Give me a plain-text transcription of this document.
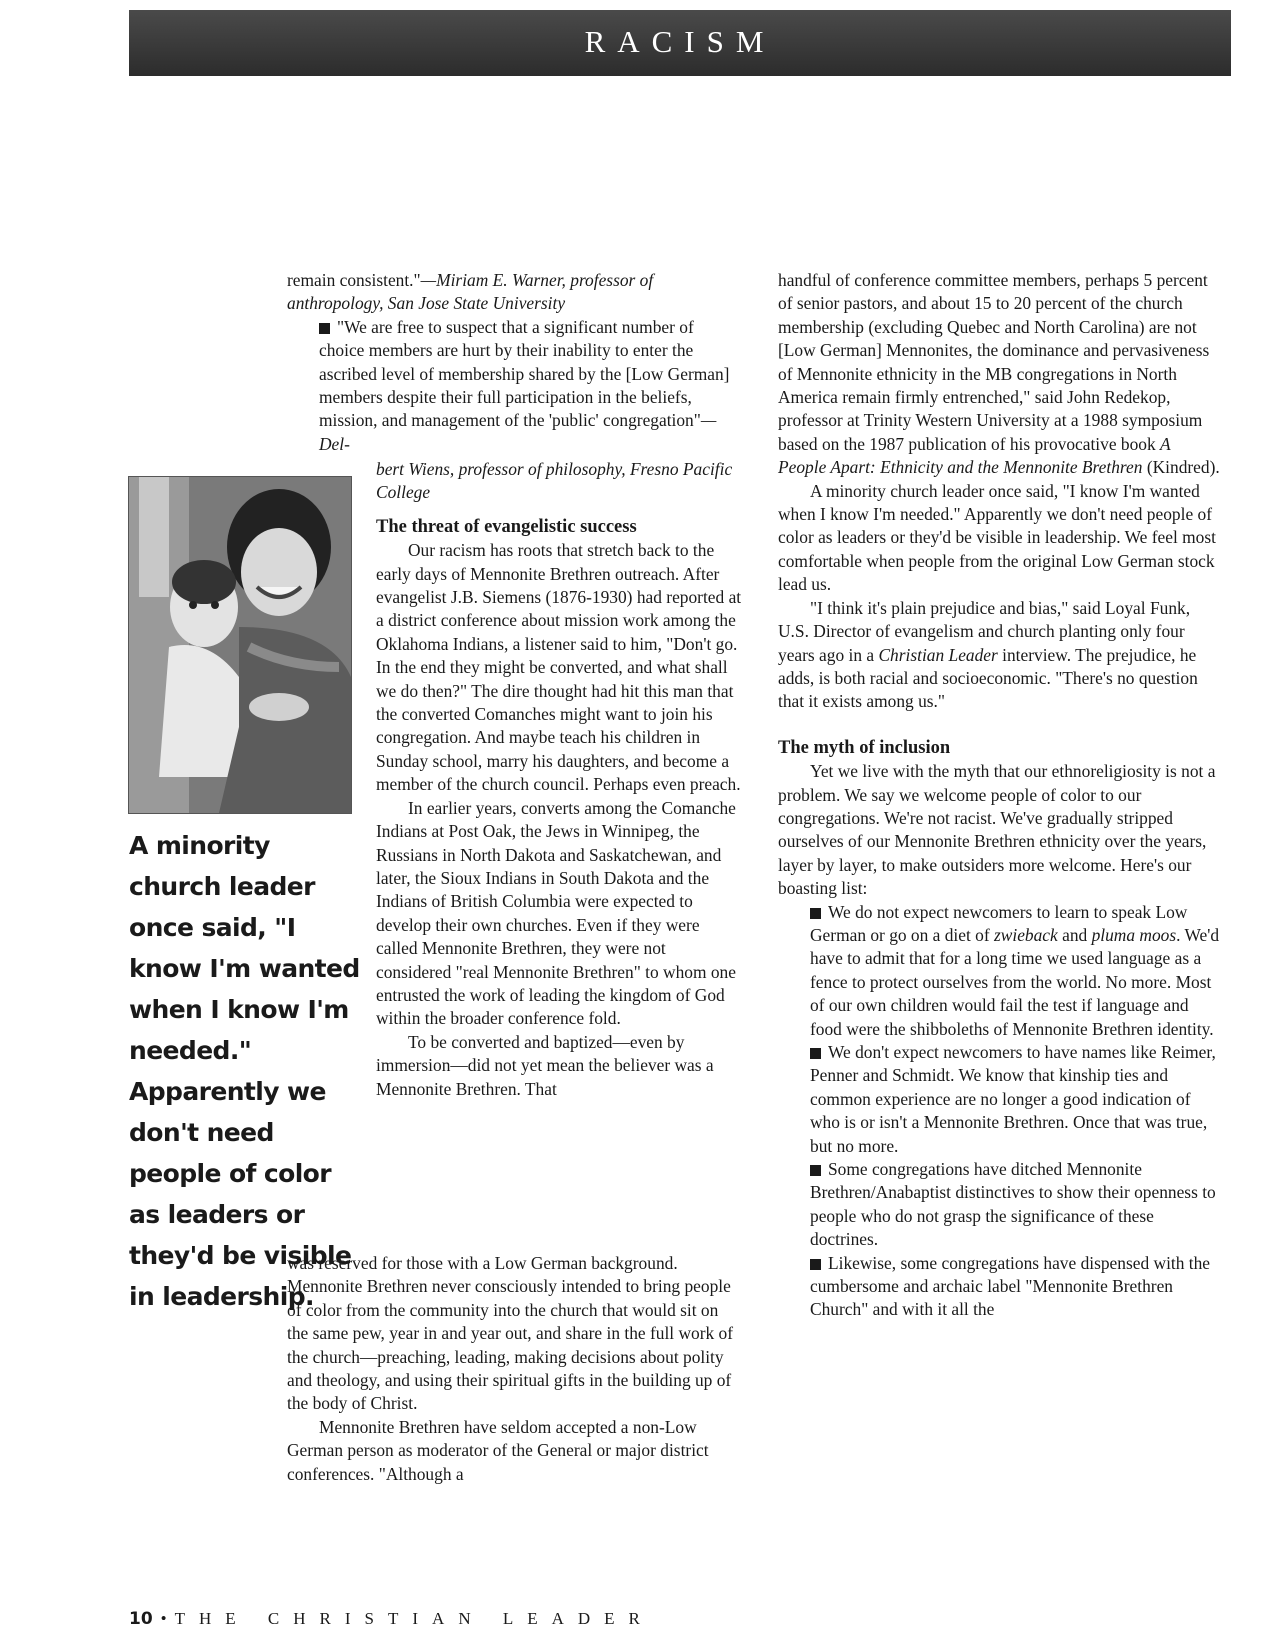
RACISM

remain consistent."—Miriam E. Warner, professor of anthropology, San Jose State University

"We are free to suspect that a significant number of choice members are hurt by their inability to enter the ascribed level of membership shared by the [Low German] members despite their full participation in the beliefs, mission, and management of the 'public' congregation"—Del-

bert Wiens, professor of philosophy, Fresno Pacific College

The threat of evangelistic success

Our racism has roots that stretch back to the early days of Mennonite Brethren outreach. After evangelist J.B. Siemens (1876-1930) had reported at a district conference about mission work among the Oklahoma Indians, a listener said to him, "Don't go. In the end they might be converted, and what shall we do then?" The dire thought had hit this man that the converted Comanches might want to join his congregation. And maybe teach his children in Sunday school, marry his daughters, and become a member of the church council. Perhaps even preach.

In earlier years, converts among the Comanche Indians at Post Oak, the Jews in Winnipeg, the Russians in North Dakota and Saskatchewan, and later, the Sioux Indians in South Dakota and the Indians of British Columbia were expected to develop their own churches. Even if they were called Mennonite Brethren, they were not considered "real Mennonite Brethren" to whom one entrusted the work of leading the kingdom of God within the broader conference fold.

To be converted and baptized—even by immersion—did not yet mean the believer was a Mennonite Brethren. That

was reserved for those with a Low German background. Mennonite Brethren never consciously intended to bring people of color from the community into the church that would sit on the same pew, year in and year out, and share in the full work of the church—preaching, leading, making decisions about polity and theology, and using their spiritual gifts in the building up of the body of Christ.

Mennonite Brethren have seldom accepted a non-Low German person as moderator of the General or major district conferences. "Although a

A minority church leader once said, "I know I'm wanted when I know I'm needed." Apparently we don't need people of color as leaders or they'd be visible in leadership.

handful of conference committee members, perhaps 5 percent of senior pastors, and about 15 to 20 percent of the church membership (excluding Quebec and North Carolina) are not [Low German] Mennonites, the dominance and pervasiveness of Mennonite ethnicity in the MB congregations in North America remain firmly entrenched," said John Redekop, professor at Trinity Western University at a 1988 symposium based on the 1987 publication of his provocative book A People Apart: Ethnicity and the Mennonite Brethren (Kindred).

A minority church leader once said, "I know I'm wanted when I know I'm needed." Apparently we don't need people of color as leaders or they'd be visible in leadership. We feel most comfortable when people from the original Low German stock lead us.

"I think it's plain prejudice and bias," said Loyal Funk, U.S. Director of evangelism and church planting only four years ago in a Christian Leader interview. The prejudice, he adds, is both racial and socioeconomic. "There's no question that it exists among us."

The myth of inclusion

Yet we live with the myth that our ethnoreligiosity is not a problem. We say we welcome people of color to our congregations. We're not racist. We've gradually stripped ourselves of our Mennonite Brethren ethnicity over the years, layer by layer, to make outsiders more welcome. Here's our boasting list:

We do not expect newcomers to learn to speak Low German or go on a diet of zwieback and pluma moos. We'd have to admit that for a long time we used language as a fence to protect ourselves from the world. No more. Most of our own children would fail the test if language and food were the shibboleths of Mennonite Brethren identity.

We don't expect newcomers to have names like Reimer, Penner and Schmidt. We know that kinship ties and common experience are no longer a good indication of who is or isn't a Mennonite Brethren. Once that was true, but no more.

Some congregations have ditched Mennonite Brethren/Anabaptist distinctives to show their openness to people who do not grasp the significance of these doctrines.

Likewise, some congregations have dispensed with the cumbersome and archaic label "Mennonite Brethren Church" and with it all the

10 • THE CHRISTIAN LEADER
